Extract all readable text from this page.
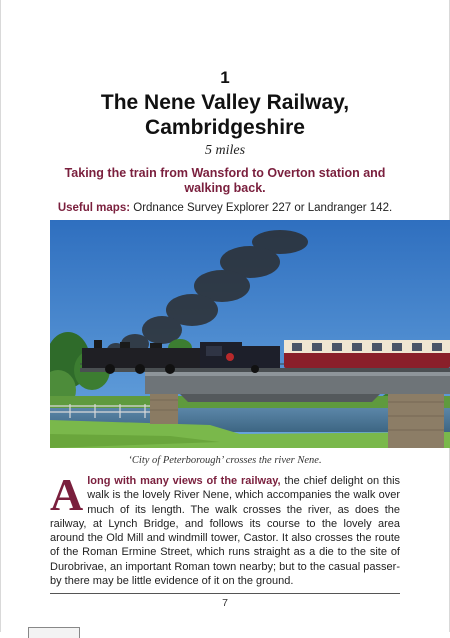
1
The Nene Valley Railway, Cambridgeshire
5 miles
Taking the train from Wansford to Overton station and walking back.
Useful maps: Ordnance Survey Explorer 227 or Landranger 142.
‘City of Peterborough’ crosses the river Nene.
Along with many views of the railway, the chief delight on this walk is the lovely River Nene, which accompanies the walk over much of its length. The walk crosses the river, as does the railway, at Lynch Bridge, and follows its course to the lovely area around the Old Mill and windmill tower, Castor. It also crosses the route of the Roman Ermine Street, which runs straight as a die to the site of Durobrivae, an important Roman town nearby; but to the casual passer-by there may be little evidence of it on the ground.
7
